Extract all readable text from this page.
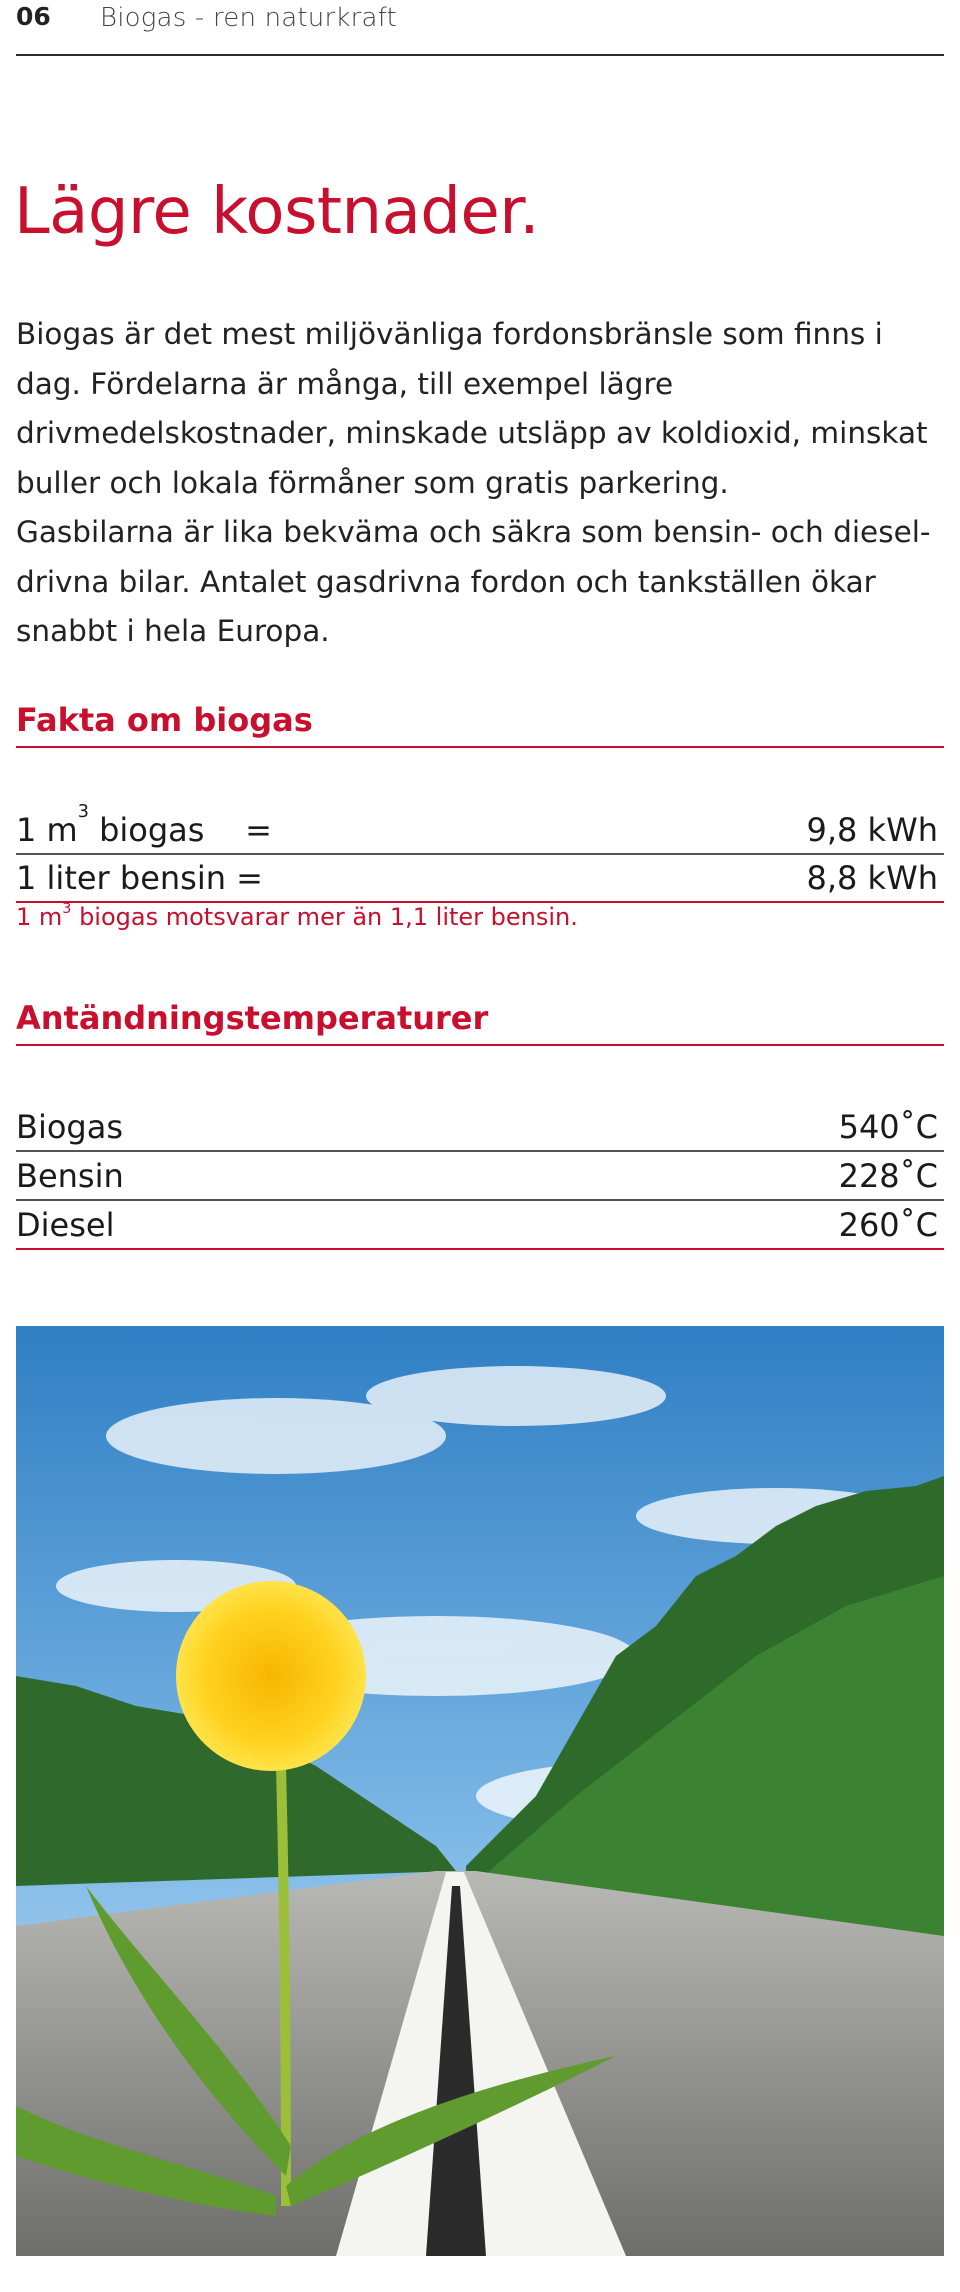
06 Biogas - ren naturkraft
Lägre kostnader.

Biogas är det mest miljövänliga fordonsbränsle som finns i dag. Fördelarna är många, till exempel lägre drivmedelskostnader, minskade utsläpp av koldioxid, minskat buller och lokala förmåner som gratis parkering.

Gasbilarna är lika bekväma och säkra som bensin- och diesel-drivna bilar. Antalet gasdrivna fordon och tankställen ökar snabbt i hela Europa.

Fakta om biogas
1 $m^3$ biogas    =	9,8 kWh
1 liter bensin =	8,8 kWh
1 $m^3$ biogas motsvarar mer än 1,1 liter bensin.
Antändningstemperaturer
Biogas	540˚C
Bensin	228˚C
Diesel	260˚C
